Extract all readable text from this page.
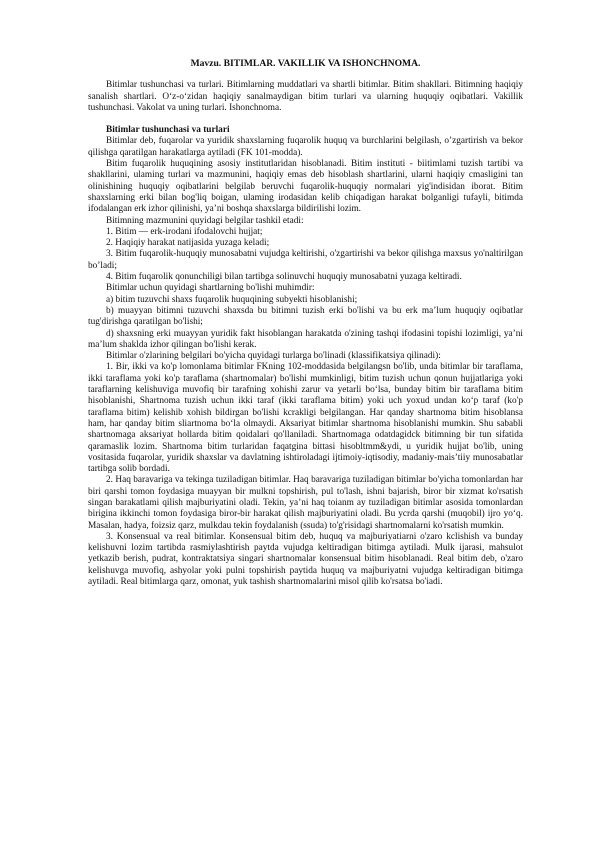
Mavzu. BITIMLAR. VAKILLIK VA ISHONCHNOMA.

Bitimlar tushunchasi va turlari. Bitimlarning muddatlari va shartli bitimlar. Bitim shakllari. Bitimning haqiqiy sanalish shartlari. O‘z-o‘zidan haqiqiy sanalmaydigan bitim turlari va ularning huquqiy oqibatlari. Vakillik tushunchasi. Vakolat va uning turlari. Ishonchnoma.

Bitimlar tushunchasi va turlari

Bitimlar deb, fuqarolar va yuridik shaxslarning fuqarolik huquq va burchlarini belgilash, o’zgartirish va bekor qilishga qaratilgan harakatlarga aytiladi (FK 101-modda).

Bitim fuqarolik huquqining asosiy institutlaridan hisoblanadi. Bitim instituti - biitimlami tuzish tartibi va shakllarini, ulaming turlari va mazmunini, haqiqiy emas deb hisoblash shartlarini, ularni haqiqiy cmasligini tan olinishining huquqiy oqibatlarini belgilab beruvchi fuqarolik-huquqiy normalari yig'indisidan iborat. Bitim shaxslarning erki bilan bog'liq boigan, ulaming irodasidan kelib chiqadigan harakat bolganligi tufayli, bitimda ifodalangan erk izhor qilinishi, ya’ni boshqa shaxslarga bildirilishi lozim.

Bitimning mazmunini quyidagi belgilar tashkil etadi:

1. Bitim — erk-irodani ifodalovchi hujjat;

2. Haqiqiy harakat natijasida yuzaga keladi;

3. Bitim fuqarolik-huquqiy munosabatni vujudga keltirishi, o'zgartirishi va bekor qilishga maxsus yo'naltirilgan bo’ladi;

4. Bitim fuqarolik qonunchiligi bilan tartibga solinuvchi huquqiy munosabatni yuzaga keltiradi.

Bitimlar uchun quyidagi shartlarning bo'lishi muhimdir:

a) bitim tuzuvchi shaxs fuqarolik huquqining subyekti hisoblanishi;

b) muayyan bitimni tuzuvchi shaxsda bu bitimni tuzish erki bo'lishi va bu erk ma’lum huquqiy oqibatlar tug'dirishga qaratilgan bo'lishi;

d) shaxsning erki muayyan yuridik fakt hisoblangan harakatda o'zining tashqi ifodasini topishi lozimligi, ya’ni ma’lum shaklda izhor qilingan bo'lishi kerak.

Bitimlar o'zlarining belgilari bo'yicha quyidagi turlarga bo'linadi (klassifikatsiya qilinadi):

1. Bir, ikki va ko'p lomonlama bitimlar FKning 102-moddasida belgilangsn bo'lib, unda bitimlar bir taraflama, ikki taraflama yoki ko'p taraflama (shartnomalar) bo'lishi mumkinligi, bitim tuzish uchun qonun hujjatlariga yoki taraflarning kelishuviga muvofiq bir tarafning xohishi zarur va yetarli bo‘lsa, bunday bitim bir taraflama bitim hisoblanishi, Shartnoma tuzish uchun ikki taraf (ikki taraflama bitim) yoki uch yoxud undan ko‘p taraf (ko'p taraflama bitim) kelishib xohish bildirgan bo'lishi kcrakligi belgilangan. Har qanday shartnoma bitim hisoblansa ham, har qanday bitim sliartnoma bo‘la olmaydi. Aksariyat bitimlar shartnoma hisoblanishi mumkin. Shu sababli shartnomaga aksariyat hollarda bitim qoidalari qo'llaniladi. Shartnomaga odatdagidck bitimning bir tun sifatida qaramaslik lozim. Shartnoma bitim turlaridan faqatgina bittasi hisobltmm&ydi, u yuridik hujjat bo'lib, uning vositasida fuqarolar, yuridik shaxslar va davlatning ishtiroladagi ijtimoiy-iqtisodiy, madaniy-mais’tiiy munosabatlar tartibga solib bordadi.

2. Haq baravariga va tekinga tuziladigan bitimlar. Haq baravariga tuziladigan bitimlar bo'yicha tomonlardan har biri qarshi tomon foydasiga muayyan bir mulkni topshirish, pul to'lash, ishni bajarish, biror bir xizmat ko'rsatish singan barakatlami qilish majburiyatini oladi. Tekin, ya’ni haq toianm ay tuziladigan bitimlar asosida tomonlardan birigina ikkinchi tomon foydasiga biror-bir harakat qilish majburiyatini oladi. Bu ycrda qarshi (muqobil) ijro yo‘q. Masalan, hadya, foizsiz qarz, mulkdau tekin foydalanish (ssuda) to'g'risidagi shartnomalarni ko'rsatish mumkin.

3. Konsensual va real bitimlar. Konsensual bitim deb, huquq va majburiyatiarni o'zaro kclishish va bunday kelishuvni lozim tartibda rasmiylashtirish paytda vujudga keltiradigan bitimga aytiladi. Mulk ijarasi, mahsulot yetkazib berish, pudrat, kontraktatsiya singari shartnomalar konsensual bitim hisoblanadi. Real bitim deb, o'zaro kelishuvga muvofiq, ashyolar yoki pulni topshirish paytida huquq va majburiyatni vujudga keltiradigan bitimga aytiladi. Real bitimlarga qarz, omonat, yuk tashish shartnomalarini misol qilib ko'rsatsa bo'iadi.
